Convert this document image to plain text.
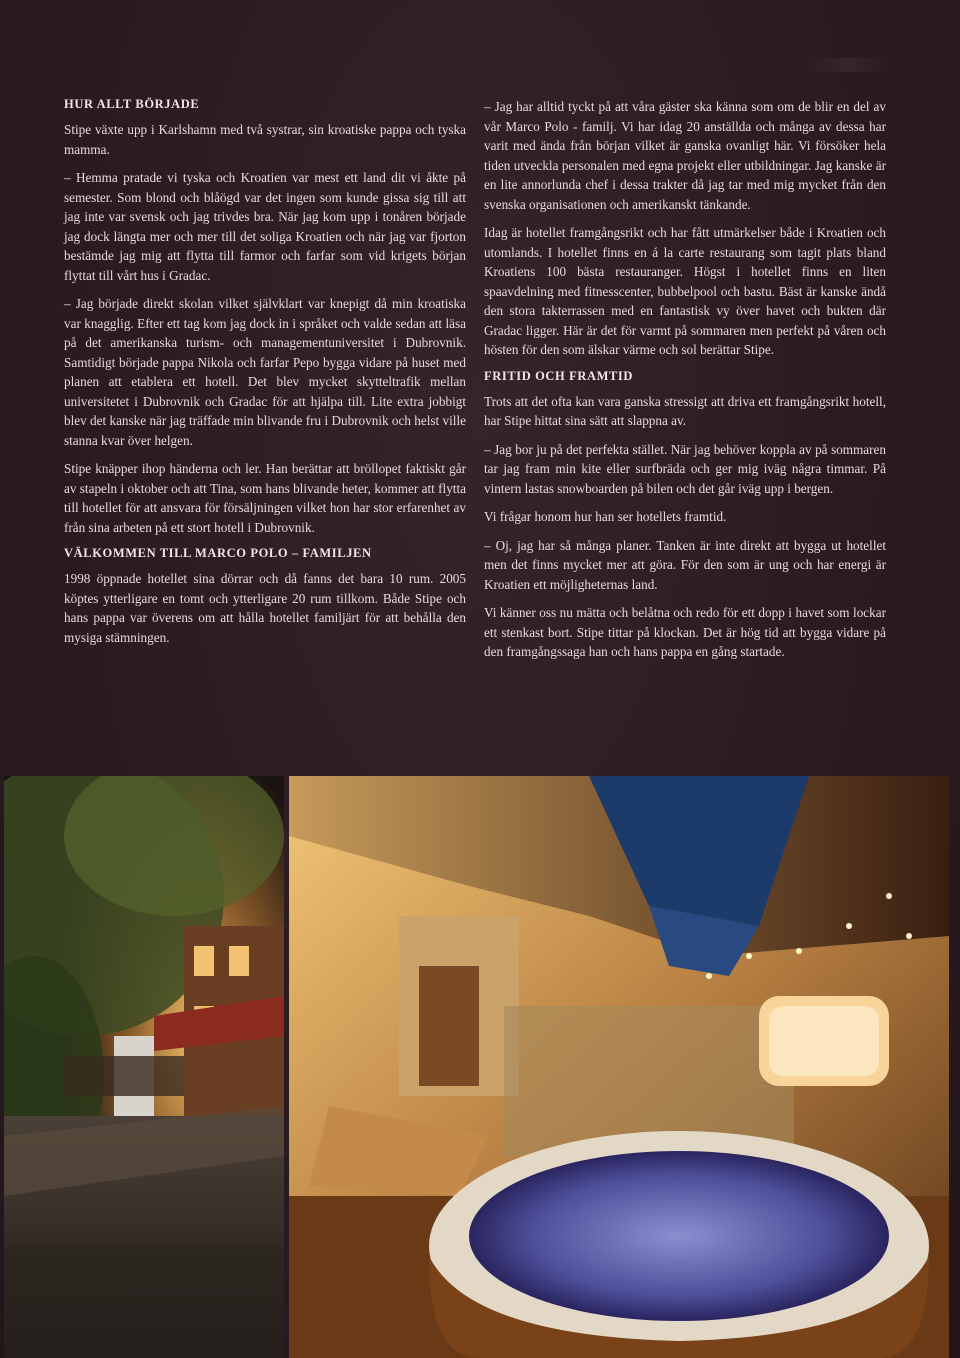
HUR ALLT BÖRJADE

Stipe växte upp i Karlshamn med två systrar, sin kroatiske pappa och tyska mamma.

– Hemma pratade vi tyska och Kroatien var mest ett land dit vi åkte på semester. Som blond och blåögd var det ingen som kunde gissa sig till att jag inte var svensk och jag trivdes bra. När jag kom upp i tonåren började jag dock längta mer och mer till det soliga Kroatien och när jag var fjorton bestämde jag mig att flytta till farmor och farfar som vid krigets början flyttat till vårt hus i Gradac.

– Jag började direkt skolan vilket självklart var knepigt då min kroatiska var knagglig. Efter ett tag kom jag dock in i språket och valde sedan att läsa på det amerikanska turism- och managementuniversitet i Dubrovnik. Samtidigt började pappa Nikola och farfar Pepo bygga vidare på huset med planen att etablera ett hotell. Det blev mycket skytteltrafik mellan universitetet i Dubrovnik och Gradac för att hjälpa till. Lite extra jobbigt blev det kanske när jag träffade min blivande fru i Dubrovnik och helst ville stanna kvar över helgen.

Stipe knäpper ihop händerna och ler. Han berättar att bröllopet faktiskt går av stapeln i oktober och att Tina, som hans blivande heter, kommer att flytta till hotellet för att ansvara för försäljningen vilket hon har stor erfarenhet av från sina arbeten på ett stort hotell i Dubrovnik.

VÄLKOMMEN TILL MARCO POLO – FAMILJEN

1998 öppnade hotellet sina dörrar och då fanns det bara 10 rum. 2005 köptes ytterligare en tomt och ytterligare 20 rum tillkom. Både Stipe och hans pappa var överens om att hålla hotellet familjärt för att behålla den mysiga stämningen.

– Jag har alltid tyckt på att våra gäster ska känna som om de blir en del av vår Marco Polo - familj. Vi har idag 20 anställda och många av dessa har varit med ända från början vilket är ganska ovanligt här. Vi försöker hela tiden utveckla personalen med egna projekt eller utbildningar. Jag kanske är en lite annorlunda chef i dessa trakter då jag tar med mig mycket från den svenska organisationen och amerikanskt tänkande.

Idag är hotellet framgångsrikt och har fått utmärkelser både i Kroatien och utomlands. I hotellet finns en á la carte restaurang som tagit plats bland Kroatiens 100 bästa restauranger. Högst i hotellet finns en liten spaavdelning med fitnesscenter, bubbelpool och bastu. Bäst är kanske ändå den stora takterrassen med en fantastisk vy över havet och bukten där Gradac ligger. Här är det för varmt på sommaren men perfekt på våren och hösten för den som älskar värme och sol berättar Stipe.

FRITID OCH FRAMTID

Trots att det ofta kan vara ganska stressigt att driva ett framgångsrikt hotell, har Stipe hittat sina sätt att slappna av.

– Jag bor ju på det perfekta stället. När jag behöver koppla av på sommaren tar jag fram min kite eller surfbräda och ger mig iväg några timmar. På vintern lastas snowboarden på bilen och det går iväg upp i bergen.

Vi frågar honom hur han ser hotellets framtid.

– Oj, jag har så många planer. Tanken är inte direkt att bygga ut hotellet men det finns mycket mer att göra. För den som är ung och har energi är Kroatien ett möjligheternas land.

Vi känner oss nu mätta och belåtna och redo för ett dopp i havet som lockar ett stenkast bort. Stipe tittar på klockan. Det är hög tid att bygga vidare på den framgångssaga han och hans pappa en gång startade.
